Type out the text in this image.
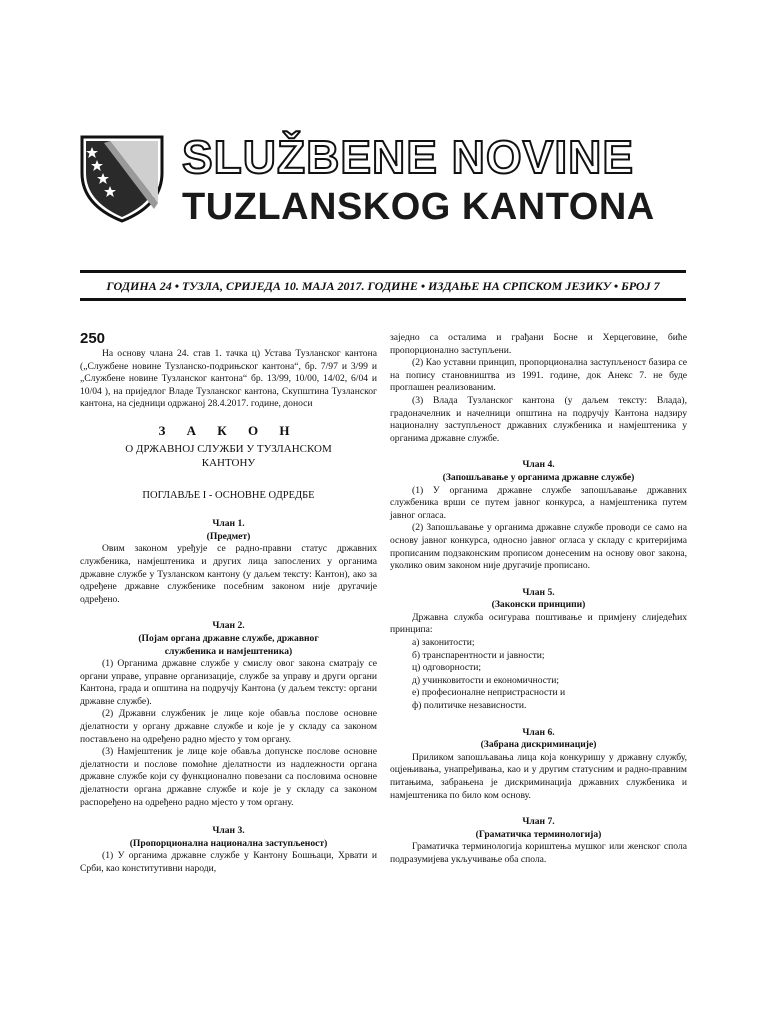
SLUŽBENE NOVINE
TUZLANSKOG KANTONA
ГОДИНА 24 • ТУЗЛА, СРИЈЕДА 10. МАЈА 2017. ГОДИНЕ • ИЗДАЊЕ НА СРПСКОМ ЈЕЗИКУ • БРОЈ 7
250

На основу члана 24. став 1. тачка ц) Устава Тузланског кантона („Службене новине Тузланско-подрињског кантона“, бр. 7/97 и 3/99 и „Службене новине Тузланског кантона“ бр. 13/99, 10/00, 14/02, 6/04 и 10/04 ), на приједлог Владе Тузланског кантона, Скупштина Тузланског кантона, на сједници одржаној 28.4.2017. године, доноси

З А К О Н
О ДРЖАВНОЈ СЛУЖБИ У ТУЗЛАНСКОМ
КАНТОНУ
ПОГЛАВЉЕ I - ОСНОВНЕ ОДРЕДБЕ
Члан 1.
(Предмет)

Овим законом уређује се радно-правни статус државних службеника, намјештеника и других лица запослених у органима државне службе у Тузланском кантону (у даљем тексту: Кантон), ако за одређене државне службенике посебним законом није другачије одређено.

Члан 2.
(Појам органа државне службе, државног
службеника и намјештеника)

(1) Органима државне службе у смислу овог закона сматрају се органи управе, управне организације, службе за управу и други органи Кантона, града и општина на подручју Кантона (у даљем тексту: органи државне службе).

(2) Државни службеник је лице које обавља послове основне дјелатности у органу државне службе и које је у складу са законом постављено на одређено радно мјесто у том органу.

(3) Намјештеник је лице које обавља допунске послове основне дјелатности и послове помоћне дјелатности из надлежности органа државне службе који су функционално повезани са пословима основне дјелатности органа државне службе и које је у складу са законом распоређено на одређено радно мјесто у том органу.

Члан 3.
(Пропорционална национална заступљеност)

(1) У органима државне службе у Кантону Бошњаци, Хрвати и Срби, као конститутивни народи,

заједно са осталима и грађани Босне и Херцеговине, биће пропорционално заступљени.

(2) Као уставни принцип, пропорционална заступљеност базира се на попису становништва из 1991. године, док Анекс 7. не буде проглашен реализованим.

(3) Влада Тузланског кантона (у даљем тексту: Влада), градоначелник и начелници општина на подручју Кантона надзиру националну заступљеност државних службеника и намјештеника у органима државне службе.

Члан 4.
(Запошљавање у органима државне службе)

(1) У органима државне службе запошљавање државних службеника врши се путем јавног конкурса, а намјештеника путем јавног огласа.

(2) Запошљавање у органима државне службе проводи се само на основу јавног конкурса, односно јавног огласа у складу с критеријима прописаним подзаконским прописом донесеним на основу овог закона, уколико овим законом није другачије прописано.

Члан 5.
(Законски принципи)

Државна служба осигурава поштивање и примјену слиједећих принципа:

а) законитости;
б) транспарентности и јавности;
ц) одговорности;
д) учинковитости и економичности;
е) професионалне непристрасности и
ф) политичке независности.
Члан 6.
(Забрана дискриминације)

Приликом запошљавања лица која конкуришу у државну службу, оцјењивања, унапређивања, као и у другим статусним и радно-правним питањима, забрањена је дискриминација државних службеника и намјештеника по било ком основу.

Члан 7.
(Граматичка терминологија)

Граматичка терминологија кориштења мушког или женског спола подразумијева укључивање оба спола.
